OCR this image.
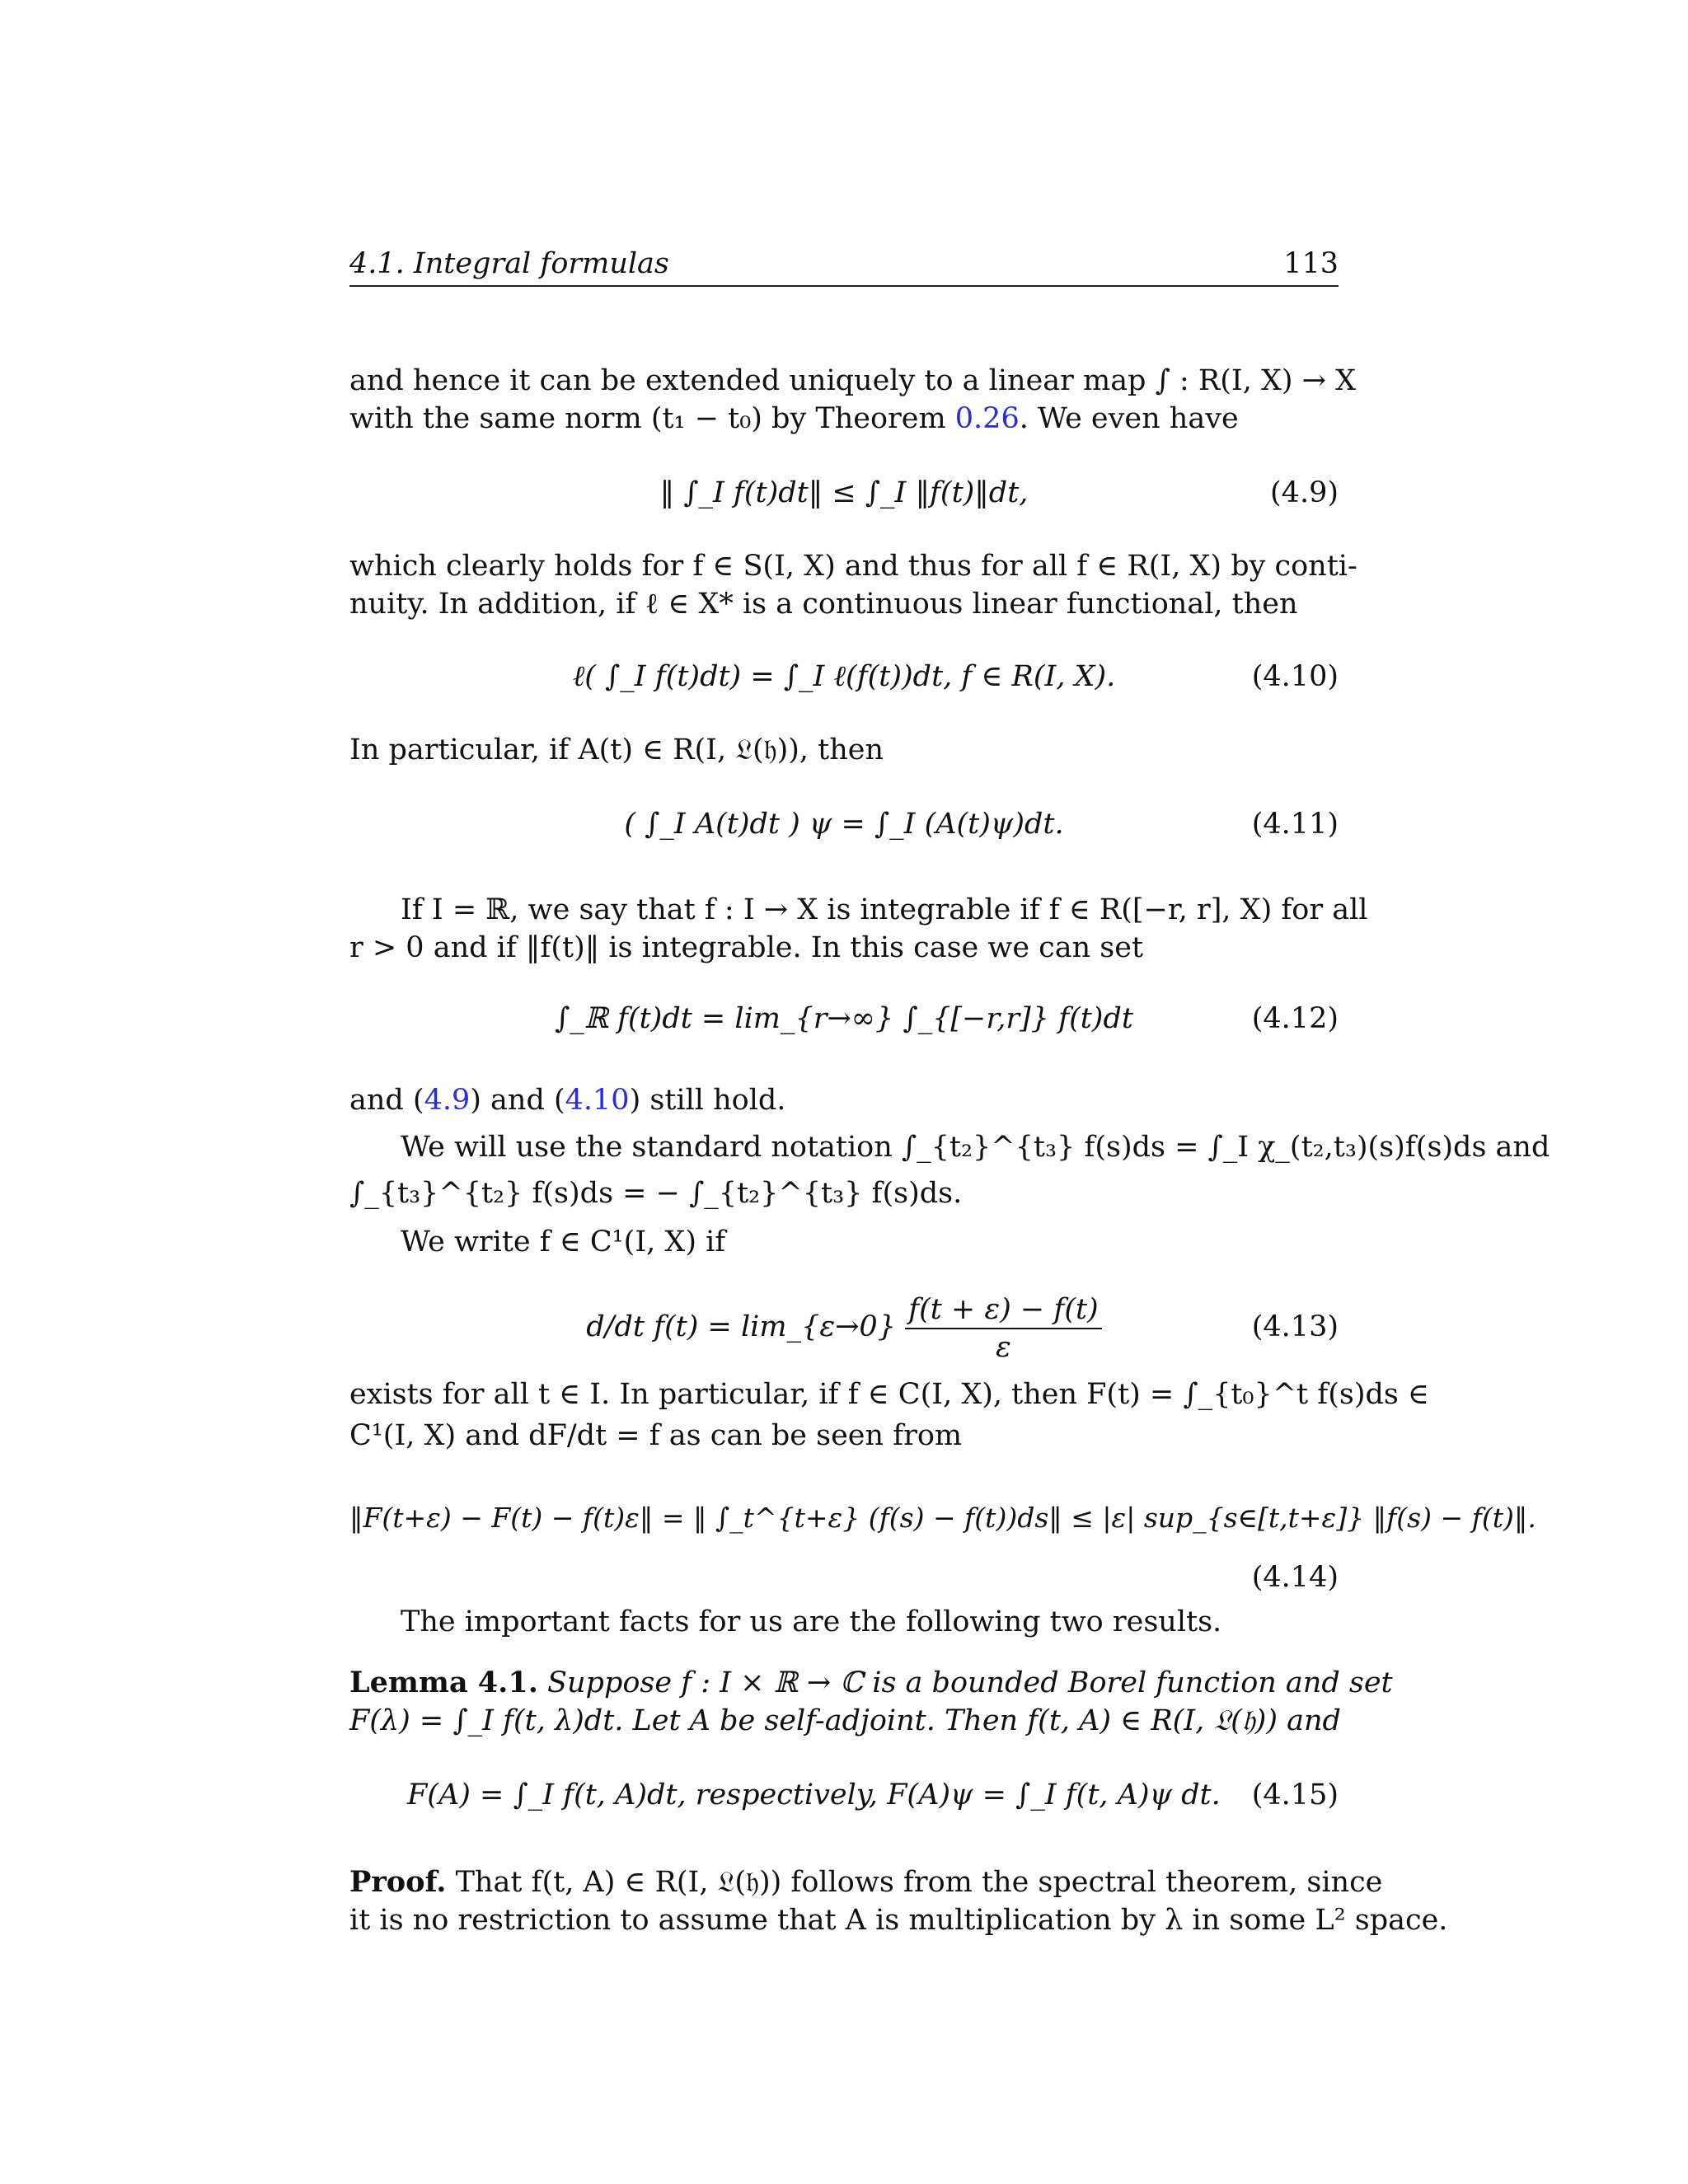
4.1. Integral formulas	113
and hence it can be extended uniquely to a linear map ∫ : R(I, X) → X
with the same norm (t₁ − t₀) by Theorem 0.26. We even have
‖ ∫_I f(t)dt‖ ≤ ∫_I ‖f(t)‖dt,	(4.9)
which clearly holds for f ∈ S(I, X) and thus for all f ∈ R(I, X) by conti-
nuity. In addition, if ℓ ∈ X* is a continuous linear functional, then
ℓ( ∫_I f(t)dt) = ∫_I ℓ(f(t))dt, f ∈ R(I, X).	(4.10)
In particular, if A(t) ∈ R(I, 𝔏(𝔥)), then
( ∫_I A(t)dt ) ψ = ∫_I (A(t)ψ)dt.	(4.11)
If I = ℝ, we say that f : I → X is integrable if f ∈ R([−r, r], X) for all
r > 0 and if ‖f(t)‖ is integrable. In this case we can set
∫_ℝ f(t)dt = lim_{r→∞} ∫_{[−r,r]} f(t)dt	(4.12)
and (4.9) and (4.10) still hold.
We will use the standard notation ∫_{t₂}^{t₃} f(s)ds = ∫_I χ_(t₂,t₃)(s)f(s)ds and
∫_{t₃}^{t₂} f(s)ds = − ∫_{t₂}^{t₃} f(s)ds.
We write f ∈ C¹(I, X) if
d/dt f(t) = lim_{ε→0} $\frac{f(t + \varepsilon) - f(t)}{\varepsilon}$	(4.13)
exists for all t ∈ I. In particular, if f ∈ C(I, X), then F(t) = ∫_{t₀}^t f(s)ds ∈
C¹(I, X) and dF/dt = f as can be seen from
‖F(t+ε) − F(t) − f(t)ε‖ = ‖ ∫_t^{t+ε} (f(s) − f(t))ds‖ ≤ |ε| sup_{s∈[t,t+ε]} ‖f(s) − f(t)‖.
(4.14)
The important facts for us are the following two results.
Lemma 4.1. Suppose f : I × ℝ → ℂ is a bounded Borel function and set
F(λ) = ∫_I f(t, λ)dt. Let A be self-adjoint. Then f(t, A) ∈ R(I, 𝔏(𝔥)) and
F(A) = ∫_I f(t, A)dt, respectively, F(A)ψ = ∫_I f(t, A)ψ dt.	(4.15)
Proof. That f(t, A) ∈ R(I, 𝔏(𝔥)) follows from the spectral theorem, since
it is no restriction to assume that A is multiplication by λ in some L² space.
